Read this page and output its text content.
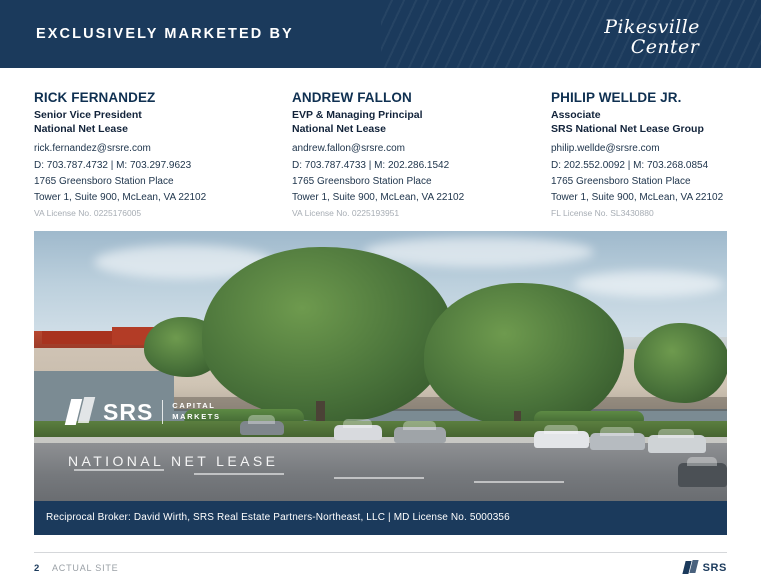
EXCLUSIVELY MARKETED BY	Pikesville
Center
RICK FERNANDEZ
Senior Vice President
National Net Lease
rick.fernandez@srsre.com
D: 703.787.4732 | M: 703.297.9623
1765 Greensboro Station Place
Tower 1, Suite 900, McLean, VA 22102
VA License No. 0225176005
ANDREW FALLON
EVP & Managing Principal
National Net Lease
andrew.fallon@srsre.com
D: 703.787.4733 | M: 202.286.1542
1765 Greensboro Station Place
Tower 1, Suite 900, McLean, VA 22102
VA License No. 0225193951
PHILIP WELLDE JR.
Associate
SRS National Net Lease Group
philip.wellde@srsre.com
D: 202.552.0092 | M: 703.268.0854
1765 Greensboro Station Place
Tower 1, Suite 900, McLean, VA 22102
FL License No. SL3430880
SRS	CAPITAL
MARKETS
NATIONAL NET LEASE
Reciprocal Broker: David Wirth, SRS Real Estate Partners-Northeast, LLC | MD License No. 5000356
2 ACTUAL SITE	SRS
